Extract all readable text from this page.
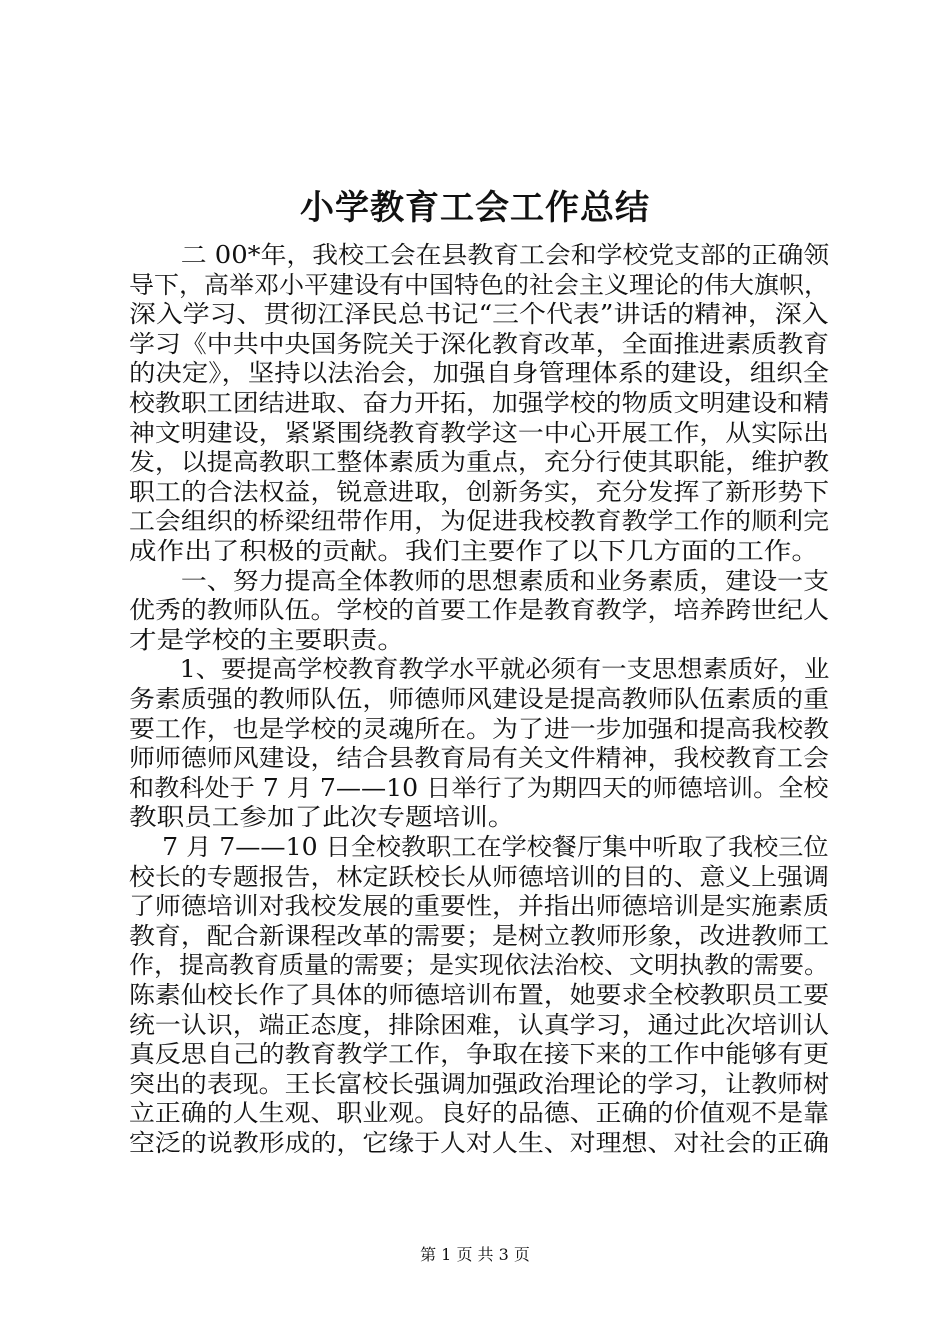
小学教育工会工作总结

　　二 00*年，我校工会在县教育工会和学校党支部的正确领

导下，高举邓小平建设有中国特色的社会主义理论的伟大旗帜，

深入学习、贯彻江泽民总书记“三个代表”讲话的精神，深入

学习《中共中央国务院关于深化教育改革，全面推进素质教育

的决定》，坚持以法治会，加强自身管理体系的建设，组织全

校教职工团结进取、奋力开拓，加强学校的物质文明建设和精

神文明建设，紧紧围绕教育教学这一中心开展工作，从实际出

发，以提高教职工整体素质为重点，充分行使其职能，维护教

职工的合法权益，锐意进取，创新务实，充分发挥了新形势下

工会组织的桥梁纽带作用，为促进我校教育教学工作的顺利完

成作出了积极的贡献。我们主要作了以下几方面的工作。

　　一、努力提高全体教师的思想素质和业务素质，建设一支

优秀的教师队伍。学校的首要工作是教育教学，培养跨世纪人

才是学校的主要职责。

　　1、要提高学校教育教学水平就必须有一支思想素质好，业

务素质强的教师队伍，师德师风建设是提高教师队伍素质的重

要工作，也是学校的灵魂所在。为了进一步加强和提高我校教

师师德师风建设，结合县教育局有关文件精神，我校教育工会

和教科处于 7 月 7——10 日举行了为期四天的师德培训。全校

教职员工参加了此次专题培训。

　 7 月 7——10 日全校教职工在学校餐厅集中听取了我校三位

校长的专题报告，林定跃校长从师德培训的目的、意义上强调

了师德培训对我校发展的重要性，并指出师德培训是实施素质

教育，配合新课程改革的需要；是树立教师形象，改进教师工

作，提高教育质量的需要；是实现依法治校、文明执教的需要。

陈素仙校长作了具体的师德培训布置，她要求全校教职员工要

统一认识，端正态度，排除困难，认真学习，通过此次培训认

真反思自己的教育教学工作，争取在接下来的工作中能够有更

突出的表现。王长富校长强调加强政治理论的学习，让教师树

立正确的人生观、职业观。良好的品德、正确的价值观不是靠

空泛的说教形成的，它缘于人对人生、对理想、对社会的正确

第 1 页 共 3 页
